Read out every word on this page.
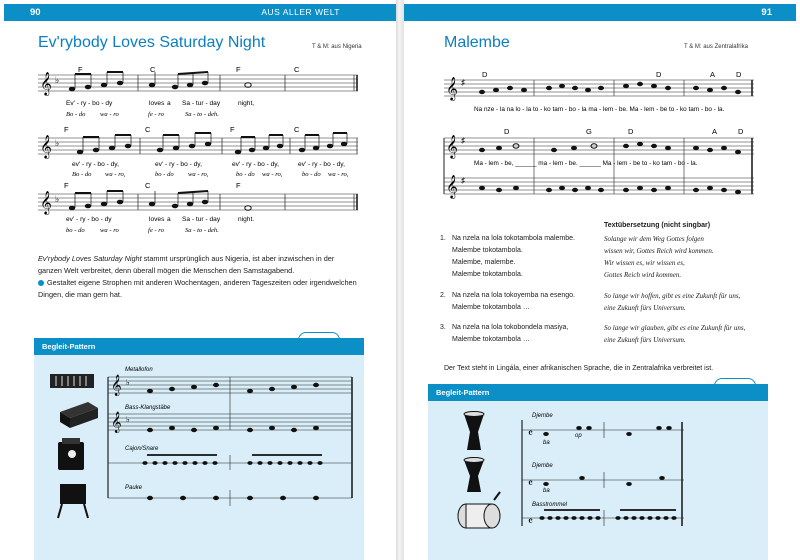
90	AUS ALLER WELT
Ev'rybody Loves Saturday Night	T & M: aus Nigeria
𝄞
𝄞
𝄞
♭
♭
♭
F	C	F	C
F	C	F	C
F	C	F
Ev' - ry - bo - dy	loves a Sa - tur - day	night,
Bo - do wa - ro	fe - ro	Sa - to - deh.
ev' - ry - bo - dy,	ev' - ry - bo - dy,	ev' - ry - bo - dy,	ev' - ry - bo - dy,
Bo - do wa - ro,	bo - do wa - ro,	bo - do wa - ro,	bo - do wa - ro,
ev' - ry - bo - dy	loves a Sa - tur - day	night.
bo - do wa - ro	fe - ro	Sa - to - deh.
Ev'rybody Loves Saturday Night stammt ursprünglich aus Nigeria, ist aber inzwischen in der ganzen Welt verbreitet, denn überall mögen die Menschen den Samstagabend.
Gestaltet eigene Strophen mit anderen Wochentagen, anderen Tageszeiten oder irgendwelchen Dingen, die man gern hat.
Begleit-Pattern
𝄞
𝄞
♭
♭
Metallofon
Bass-Klangstäbe
Cajon/Snare
Pauke
91
Malembe	T & M: aus Zentralafrika
𝄞
𝄞
𝄞
♯
♯
♯
D	D	A	D
D	G	D	A	D
Na nze - la na lo - la to - ko tam - bo - la ma - lem - be. Ma - lem - be to - ko tam - bo - la.
Ma - lem - be, ______ ma - lem - be. ______ Ma - lem - be to - ko tam - bo - la.
Textübersetzung (nicht singbar)
1. Na nzela na lola tokotambola malembe.
Malembe tokotambola.
Malembe, malembe.
Malembe tokotambola.
Solange wir dem Weg Gottes folgen
wissen wir, Gottes Reich wird kommen.
Wir wissen es, wir wissen es,
Gottes Reich wird kommen.
2. Na nzela na lola tokoyemba na esengo.
Malembe tokotambola …
So lange wir hoffen, gibt es eine Zukunft für uns,
eine Zukunft fürs Universum.
3. Na nzela na lola tokobondela masiya,
Malembe tokotambola …
So lange wir glauben, gibt es eine Zukunft für uns,
eine Zukunft fürs Universum.
Der Text steht in Lingála, einer afrikanischen Sprache, die in Zentralafrika verbreitet ist.
Begleit-Pattern
Djembe
Djembe
Basstrommel
ba
op
ba
𝄴
𝄴
𝄴
